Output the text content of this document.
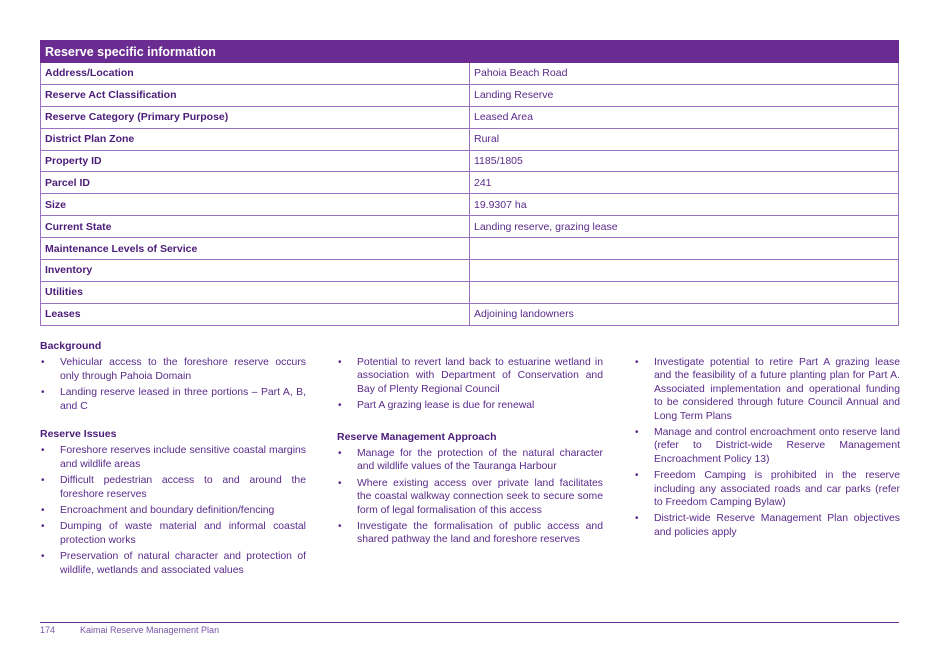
Reserve specific information	
Address/Location	Pahoia Beach Road
Reserve Act Classification	Landing Reserve
Reserve Category (Primary Purpose)	Leased Area
District Plan Zone	Rural
Property ID	1185/1805
Parcel ID	241
Size	19.9307 ha
Current State	Landing reserve, grazing lease
Maintenance Levels of Service	
Inventory	
Utilities	
Leases	Adjoining landowners
Background
• Vehicular access to the foreshore reserve occurs only through Pahoia Domain
• Landing reserve leased in three portions – Part A, B, and C
Reserve Issues
• Foreshore reserves include sensitive coastal margins and wildlife areas
• Difficult pedestrian access to and around the foreshore reserves
• Encroachment and boundary definition/fencing
• Dumping of waste material and informal coastal protection works
• Preservation of natural character and protection of wildlife, wetlands and associated values
• Potential to revert land back to estuarine wetland in association with Department of Conservation and Bay of Plenty Regional Council
• Part A grazing lease is due for renewal
Reserve Management Approach
• Manage for the protection of the natural character and wildlife values of the Tauranga Harbour
• Where existing access over private land facilitates the coastal walkway connection seek to secure some form of legal formalisation of this access
• Investigate the formalisation of public access and shared pathway the land and foreshore reserves
• Investigate potential to retire Part A grazing lease and the feasibility of a future planting plan for Part A. Associated implementation and operational funding to be considered through future Council Annual and Long Term Plans
• Manage and control encroachment onto reserve land (refer to District-wide Reserve Management Encroachment Policy 13)
• Freedom Camping is prohibited in the reserve including any associated roads and car parks (refer to Freedom Camping Bylaw)
• District-wide Reserve Management Plan objectives and policies apply
174	Kaimai Reserve Management Plan
